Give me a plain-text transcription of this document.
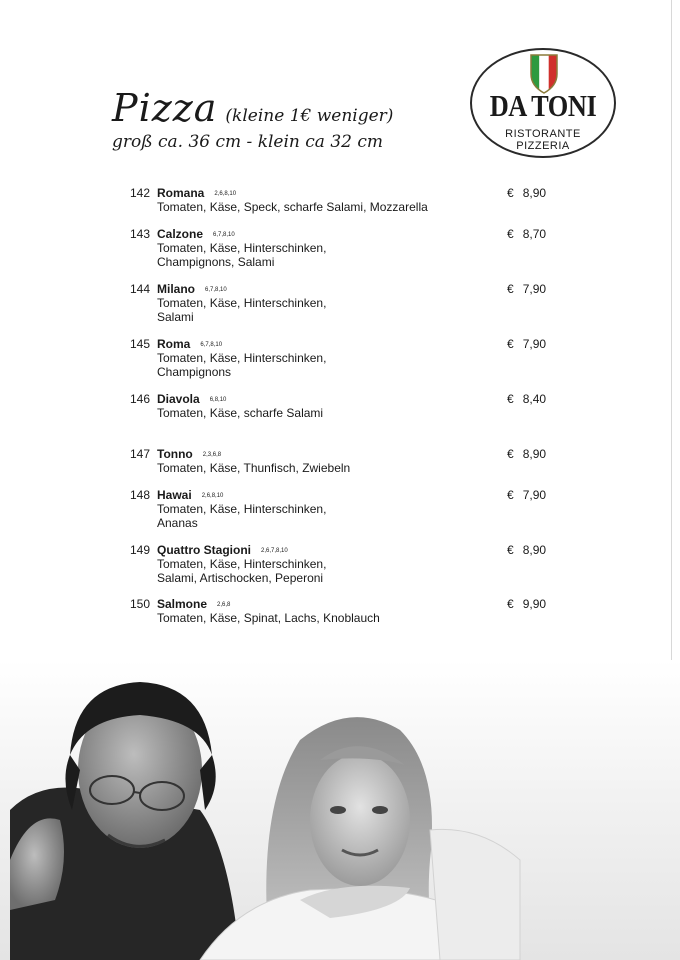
Pizza (kleine 1€ weniger)
groß ca. 36 cm - klein ca 32 cm
DA TONI
RISTORANTE
PIZZERIA
142 Romana 2,6,8,10
Tomaten, Käse, Speck, scharfe Salami, Mozzarella
€ 8,90
143 Calzone 6,7,8,10
Tomaten, Käse, Hinterschinken, Champignons, Salami
€ 8,70
144 Milano 6,7,8,10
Tomaten, Käse, Hinterschinken, Salami
€ 7,90
145 Roma 6,7,8,10
Tomaten, Käse, Hinterschinken, Champignons
€ 7,90
146 Diavola 6,8,10
Tomaten, Käse, scharfe Salami
€ 8,40
147 Tonno 2,3,6,8
Tomaten, Käse, Thunfisch, Zwiebeln
€ 8,90
148 Hawai 2,6,8,10
Tomaten, Käse, Hinterschinken, Ananas
€ 7,90
149 Quattro Stagioni 2,6,7,8,10
Tomaten, Käse, Hinterschinken, Salami, Artischocken, Peperoni
€ 8,90
150 Salmone 2,6,8
Tomaten, Käse, Spinat, Lachs, Knoblauch
€ 9,90
